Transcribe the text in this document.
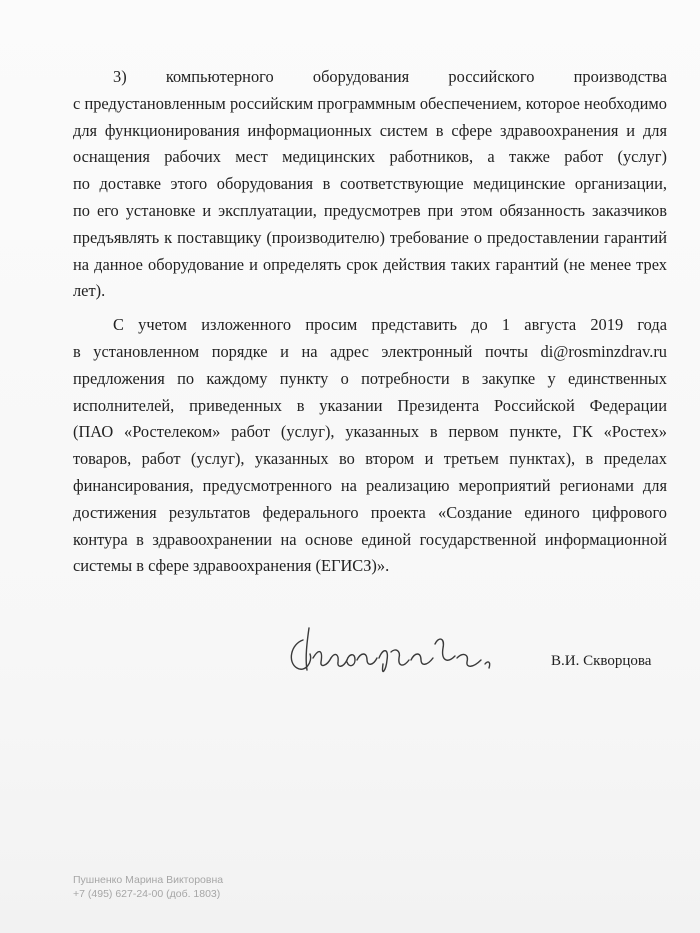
3) компьютерного оборудования российского производства
с предустановленным российским программным обеспечением, которое необходимо
для функционирования информационных систем в сфере здравоохранения и для
оснащения рабочих мест медицинских работников, а также работ (услуг)
по доставке этого оборудования в соответствующие медицинские организации,
по его установке и эксплуатации, предусмотрев при этом обязанность заказчиков
предъявлять к поставщику (производителю) требование о предоставлении гарантий
на данное оборудование и определять срок действия таких гарантий (не менее трех
лет).

С учетом изложенного просим представить до 1 августа 2019 года
в установленном порядке и на адрес электронный почты di@rosminzdrav.ru
предложения по каждому пункту о потребности в закупке у единственных
исполнителей, приведенных в указании Президента Российской Федерации
(ПАО «Ростелеком» работ (услуг), указанных в первом пункте, ГК «Ростех»
товаров, работ (услуг), указанных во втором и третьем пунктах), в пределах
финансирования, предусмотренного на реализацию мероприятий регионами для
достижения результатов федерального проекта «Создание единого цифрового
контура в здравоохранении на основе единой государственной информационной
системы в сфере здравоохранения (ЕГИСЗ)».

В.И. Скворцова
Пушненко Марина Викторовна
+7 (495) 627-24-00 (доб. 1803)
